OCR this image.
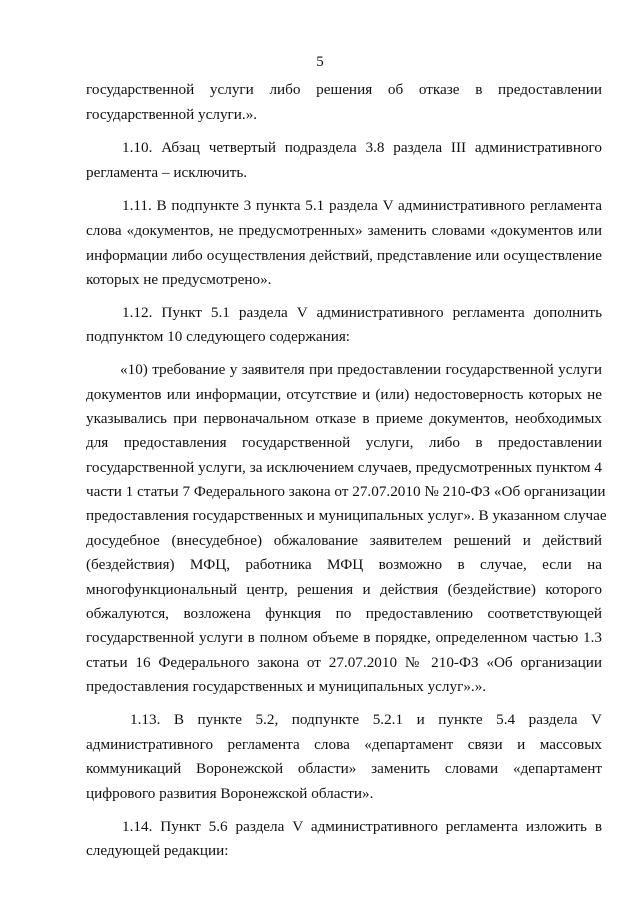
5
государственной услуги либо решения об отказе в предоставлении
государственной услуги.».
1.10. Абзац четвертый подраздела 3.8 раздела III административного
регламента – исключить.
1.11. В подпункте 3 пункта 5.1 раздела V административного регламента
слова «документов, не предусмотренных» заменить словами «документов или
информации либо осуществления действий, представление или осуществление
которых не предусмотрено».
1.12. Пункт 5.1 раздела V административного регламента дополнить
подпунктом 10 следующего содержания:
«10) требование у заявителя при предоставлении государственной услуги
документов или информации, отсутствие и (или) недостоверность которых не
указывались при первоначальном отказе в приеме документов, необходимых
для предоставления государственной услуги, либо в предоставлении
государственной услуги, за исключением случаев, предусмотренных пунктом 4
части 1 статьи 7 Федерального закона от 27.07.2010 № 210-ФЗ «Об организации
предоставления государственных и муниципальных услуг». В указанном случае
досудебное (внесудебное) обжалование заявителем решений и действий
(бездействия) МФЦ, работника МФЦ возможно в случае, если на
многофункциональный центр, решения и действия (бездействие) которого
обжалуются, возложена функция по предоставлению соответствующей
государственной услуги в полном объеме в порядке, определенном частью 1.3
статьи 16 Федерального закона от 27.07.2010 № 210-ФЗ «Об организации
предоставления государственных и муниципальных услуг».».
1.13. В пункте 5.2, подпункте 5.2.1 и пункте 5.4 раздела V
административного регламента слова «департамент связи и массовых
коммуникаций Воронежской области» заменить словами «департамент
цифрового развития Воронежской области».
1.14. Пункт 5.6 раздела V административного регламента изложить в
следующей редакции:
